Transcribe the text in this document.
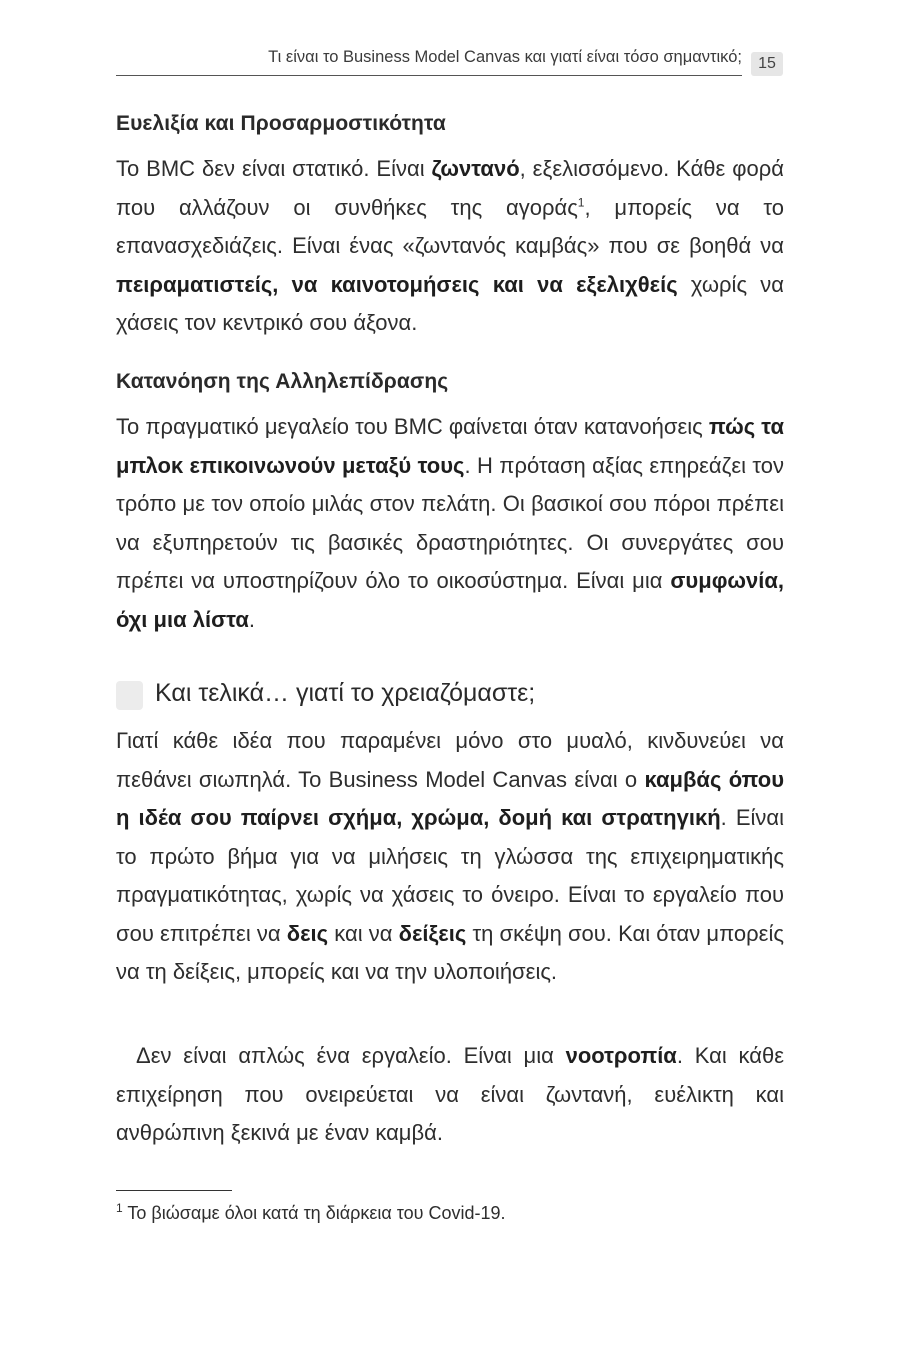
Τι είναι το Business Model Canvas και γιατί είναι τόσο σημαντικό;	15
Ευελιξία και Προσαρμοστικότητα
Το BMC δεν είναι στατικό. Είναι ζωντανό, εξελισσόμενο. Κάθε φορά που αλλάζουν οι συνθήκες της αγοράς$^1$, μπορείς να το επανασχεδιάζεις. Είναι ένας «ζωντανός καμβάς» που σε βοηθά να πειραματιστείς, να καινοτομήσεις και να εξελιχθείς χωρίς να χάσεις τον κεντρικό σου άξονα.
Κατανόηση της Αλληλεπίδρασης
Το πραγματικό μεγαλείο του BMC φαίνεται όταν κατανοήσεις πώς τα μπλοκ επικοινωνούν μεταξύ τους. Η πρόταση αξίας επηρεάζει τον τρόπο με τον οποίο μιλάς στον πελάτη. Οι βασικοί σου πόροι πρέπει να εξυπηρετούν τις βασικές δραστηριότητες. Οι συνεργάτες σου πρέπει να υποστηρίζουν όλο το οικοσύστημα. Είναι μια συμφωνία, όχι μια λίστα.
Και τελικά… γιατί το χρειαζόμαστε;
Γιατί κάθε ιδέα που παραμένει μόνο στο μυαλό, κινδυνεύει να πεθάνει σιωπηλά. Το Business Model Canvas είναι ο καμβάς όπου η ιδέα σου παίρνει σχήμα, χρώμα, δομή και στρατηγική. Είναι το πρώτο βήμα για να μιλήσεις τη γλώσσα της επιχειρηματικής πραγματικότητας, χωρίς να χάσεις το όνειρο. Είναι το εργαλείο που σου επιτρέπει να δεις και να δείξεις τη σκέψη σου. Και όταν μπορείς να τη δείξεις, μπορείς και να την υλοποιήσεις.
Δεν είναι απλώς ένα εργαλείο. Είναι μια νοοτροπία. Και κάθε επιχείρηση που ονειρεύεται να είναι ζωντανή, ευέλικτη και ανθρώπινη ξεκινά με έναν καμβά.
$^1$ Το βιώσαμε όλοι κατά τη διάρκεια του Covid-19.
